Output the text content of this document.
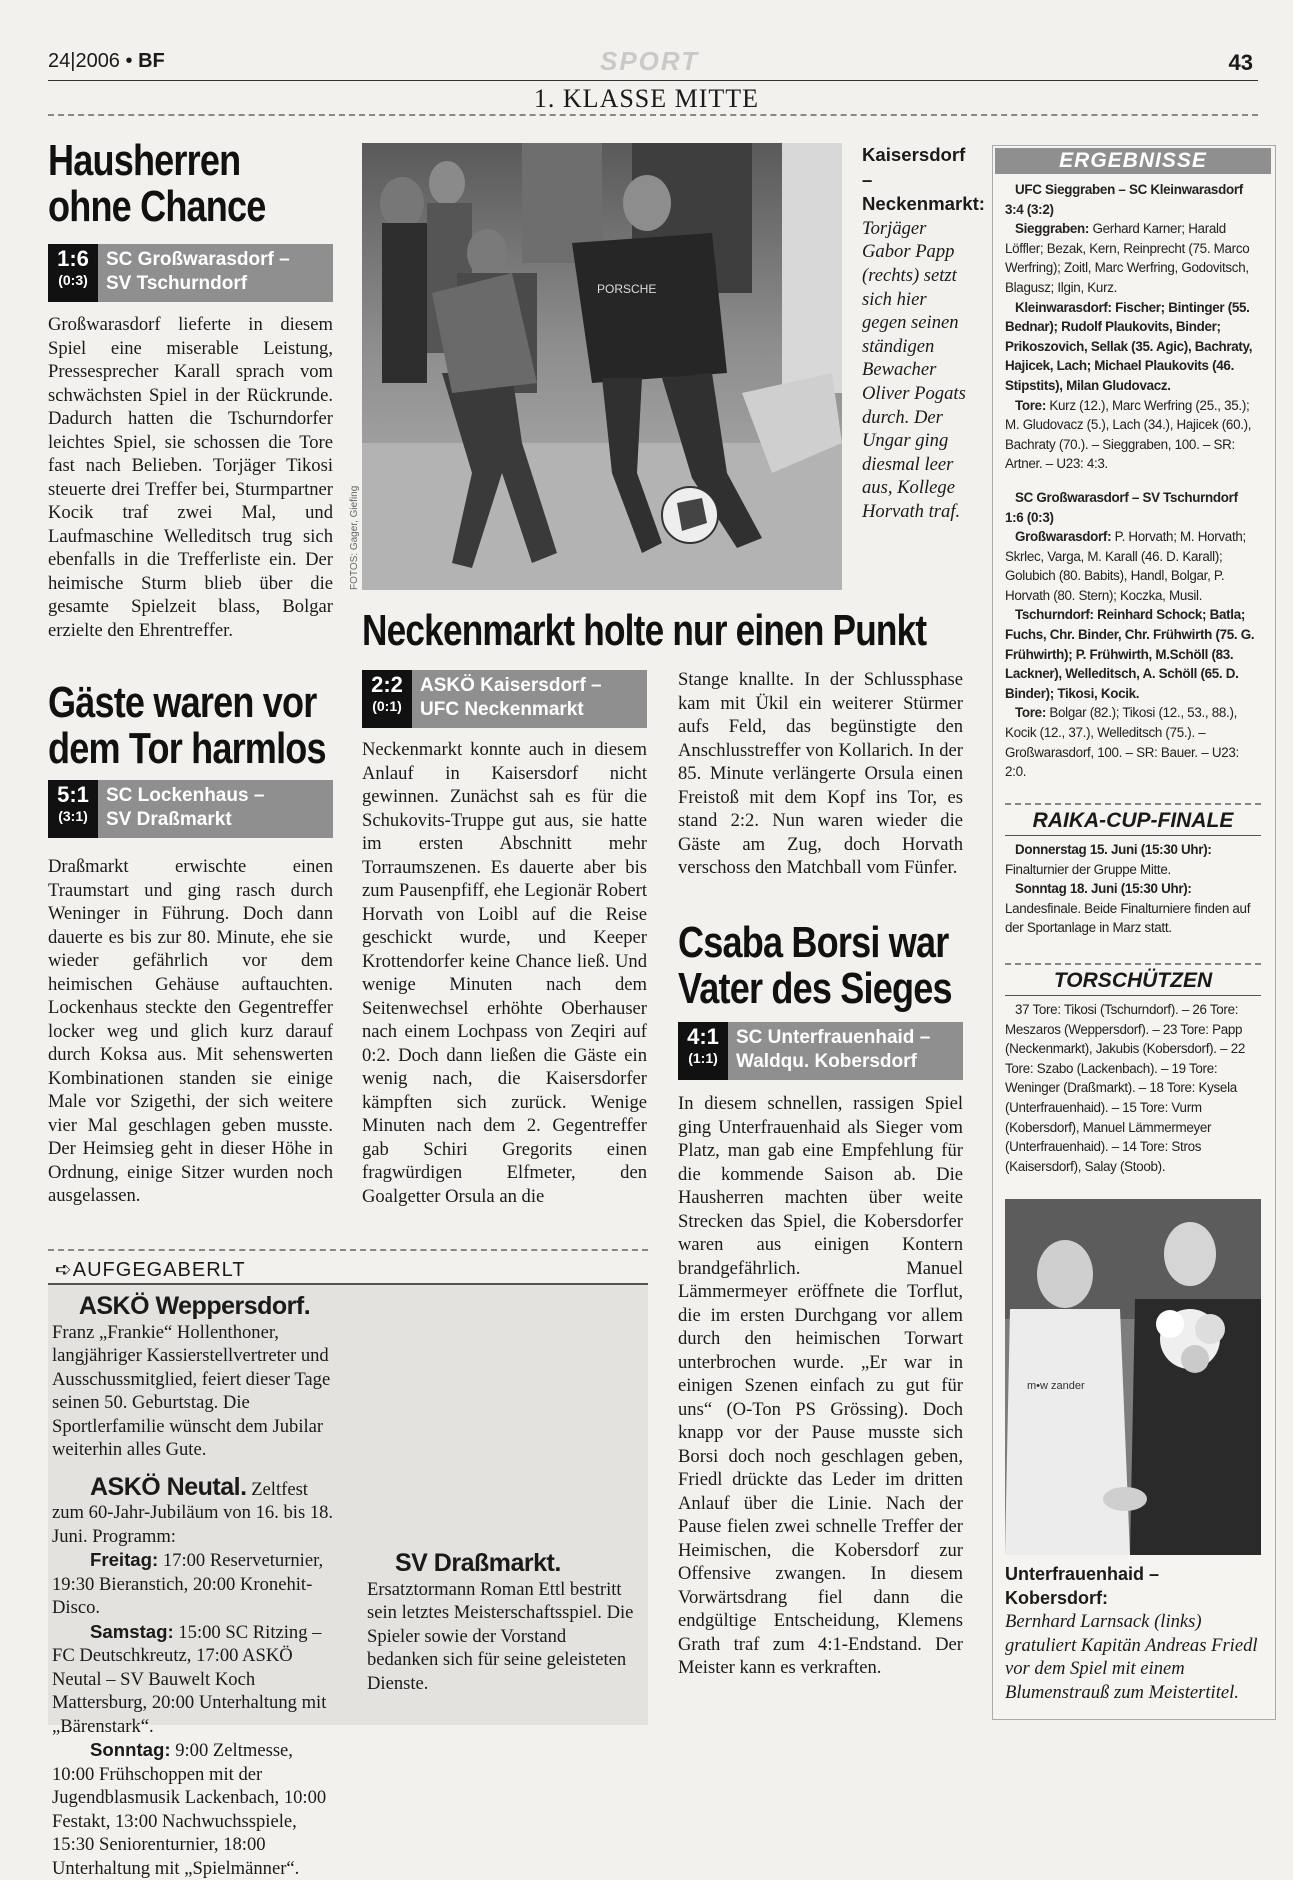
24|2006 • BF	SPORT	43
1. KLASSE MITTE
Hausherren ohne Chance
1:6
(0:3)
SC Großwarasdorf –
SV Tschurndorf
Großwarasdorf lieferte in diesem Spiel eine miserable Leistung, Pressesprecher Karall sprach vom schwächsten Spiel in der Rückrunde. Dadurch hatten die Tschurndorfer leichtes Spiel, sie schossen die Tore fast nach Belieben. Torjäger Tikosi steuerte drei Treffer bei, Sturmpartner Kocik traf zwei Mal, und Laufmaschine Welleditsch trug sich ebenfalls in die Trefferliste ein. Der heimische Sturm blieb über die gesamte Spielzeit blass, Bolgar erzielte den Ehrentreffer.
Gäste waren vor dem Tor harmlos
5:1
(3:1)
SC Lockenhaus –
SV Draßmarkt
Draßmarkt erwischte einen Traumstart und ging rasch durch Weninger in Führung. Doch dann dauerte es bis zur 80. Minute, ehe sie wieder gefährlich vor dem heimischen Gehäuse auftauchten. Lockenhaus steckte den Gegentreffer locker weg und glich kurz darauf durch Koksa aus. Mit sehenswerten Kombinationen standen sie einige Male vor Szigethi, der sich weitere vier Mal geschlagen geben musste. Der Heimsieg geht in dieser Höhe in Ordnung, einige Sitzer wurden noch ausgelassen.
PORSCHE
FOTOS: Gager, Giefing
Kaisersdorf – Neckenmarkt: Torjäger Gabor Papp (rechts) setzt sich hier gegen seinen ständigen Bewacher Oliver Pogats durch. Der Ungar ging diesmal leer aus, Kollege Horvath traf.
Neckenmarkt holte nur einen Punkt
2:2
(0:1)
ASKÖ Kaisersdorf –
UFC Neckenmarkt
Neckenmarkt konnte auch in diesem Anlauf in Kaisersdorf nicht gewinnen. Zunächst sah es für die Schukovits-Truppe gut aus, sie hatte im ersten Abschnitt mehr Torraumszenen. Es dauerte aber bis zum Pausenpfiff, ehe Legionär Robert Horvath von Loibl auf die Reise geschickt wurde, und Keeper Krottendorfer keine Chance ließ. Und wenige Minuten nach dem Seitenwechsel erhöhte Oberhauser nach einem Lochpass von Zeqiri auf 0:2. Doch dann ließen die Gäste ein wenig nach, die Kaisersdorfer kämpften sich zurück. Wenige Minuten nach dem 2. Gegentreffer gab Schiri Gregorits einen fragwürdigen Elfmeter, den Goalgetter Orsula an die
Stange knallte. In der Schlussphase kam mit Ükil ein weiterer Stürmer aufs Feld, das begünstigte den Anschlusstreffer von Kollarich. In der 85. Minute verlängerte Orsula einen Freistoß mit dem Kopf ins Tor, es stand 2:2. Nun waren wieder die Gäste am Zug, doch Horvath verschoss den Matchball vom Fünfer.
Csaba Borsi war Vater des Sieges
4:1
(1:1)
SC Unterfrauenhaid –
Waldqu. Kobersdorf
In diesem schnellen, rassigen Spiel ging Unterfrauenhaid als Sieger vom Platz, man gab eine Empfehlung für die kommende Saison ab. Die Hausherren machten über weite Strecken das Spiel, die Kobersdorfer waren aus einigen Kontern brandgefährlich. Manuel Lämmermeyer eröffnete die Torflut, die im ersten Durchgang vor allem durch den heimischen Torwart unterbrochen wurde. „Er war in einigen Szenen einfach zu gut für uns“ (O-Ton PS Grössing). Doch knapp vor der Pause musste sich Borsi doch noch geschlagen geben, Friedl drückte das Leder im dritten Anlauf über die Linie. Nach der Pause fielen zwei schnelle Treffer der Heimischen, die Kobersdorf zur Offensive zwangen. In diesem Vorwärtsdrang fiel dann die endgültige Entscheidung, Klemens Grath traf zum 4:1-Endstand. Der Meister kann es verkraften.
➪AUFGEGABERLT

ASKÖ Weppersdorf.
Franz „Frankie“ Hollenthoner, langjähriger Kassierstellvertreter und Ausschussmitglied, feiert dieser Tage seinen 50. Geburtstag. Die Sportlerfamilie wünscht dem Jubilar weiterhin alles Gute.

ASKÖ Neutal. Zeltfest zum 60-Jahr-Jubiläum von 16. bis 18. Juni. Programm:
Freitag: 17:00 Reserveturnier, 19:30 Bieranstich, 20:00 Kronehit-Disco.
Samstag: 15:00 SC Ritzing – FC Deutschkreutz, 17:00 ASKÖ Neutal – SV Bauwelt Koch Mattersburg, 20:00 Unterhaltung mit „Bärenstark“.
Sonntag: 9:00 Zeltmesse, 10:00 Frühschoppen mit der Jugendblasmusik Lackenbach, 10:00 Festakt, 13:00 Nachwuchsspiele, 15:30 Seniorenturnier, 18:00 Unterhaltung mit „Spielmänner“.

SV Draßmarkt. Ersatztormann Roman Ettl bestritt sein letztes Meisterschaftsspiel. Die Spieler sowie der Vorstand bedanken sich für seine geleisteten Dienste.

ERGEBNISSE

UFC Sieggraben – SC Kleinwarasdorf

3:4 (3:2)

Sieggraben: Gerhard Karner; Harald Löffler; Bezak, Kern, Reinprecht (75. Marco Werfring); Zoitl, Marc Werfring, Godovitsch, Blagusz; Ilgin, Kurz.

Kleinwarasdorf: Fischer; Bintinger (55. Bednar); Rudolf Plaukovits, Binder; Prikoszovich, Sellak (35. Agic), Bachraty, Hajicek, Lach; Michael Plaukovits (46. Stipstits), Milan Gludovacz.

Tore: Kurz (12.), Marc Werfring (25., 35.); M. Gludovacz (5.), Lach (34.), Hajicek (60.), Bachraty (70.). – Sieggraben, 100. – SR: Artner. – U23: 4:3.

SC Großwarasdorf – SV Tschurndorf

1:6 (0:3)

Großwarasdorf: P. Horvath; M. Horvath; Skrlec, Varga, M. Karall (46. D. Karall); Golubich (80. Babits), Handl, Bolgar, P. Horvath (80. Stern); Koczka, Musil.

Tschurndorf: Reinhard Schock; Batla; Fuchs, Chr. Binder, Chr. Frühwirth (75. G. Frühwirth); P. Frühwirth, M.Schöll (83. Lackner), Welleditsch, A. Schöll (65. D. Binder); Tikosi, Kocik.

Tore: Bolgar (82.); Tikosi (12., 53., 88.), Kocik (12., 37.), Welleditsch (75.). – Großwarasdorf, 100. – SR: Bauer. – U23: 2:0.

RAIKA-CUP-FINALE

Donnerstag 15. Juni (15:30 Uhr):
Finalturnier der Gruppe Mitte.

Sonntag 18. Juni (15:30 Uhr):
Landesfinale. Beide Finalturniere finden auf der Sportanlage in Marz statt.

TORSCHÜTZEN

37 Tore: Tikosi (Tschurndorf). – 26 Tore: Meszaros (Weppersdorf). – 23 Tore: Papp (Neckenmarkt), Jakubis (Kobersdorf). – 22 Tore: Szabo (Lackenbach). – 19 Tore: Weninger (Draßmarkt). – 18 Tore: Kysela (Unterfrauenhaid). – 15 Tore: Vurm (Kobersdorf), Manuel Lämmermeyer (Unterfrauenhaid). – 14 Tore: Stros (Kaisersdorf), Salay (Stoob).

m•w zander
Unterfrauenhaid – Kobersdorf:
Bernhard Larnsack (links) gratuliert Kapitän Andreas Friedl vor dem Spiel mit einem Blumenstrauß zum Meistertitel.
